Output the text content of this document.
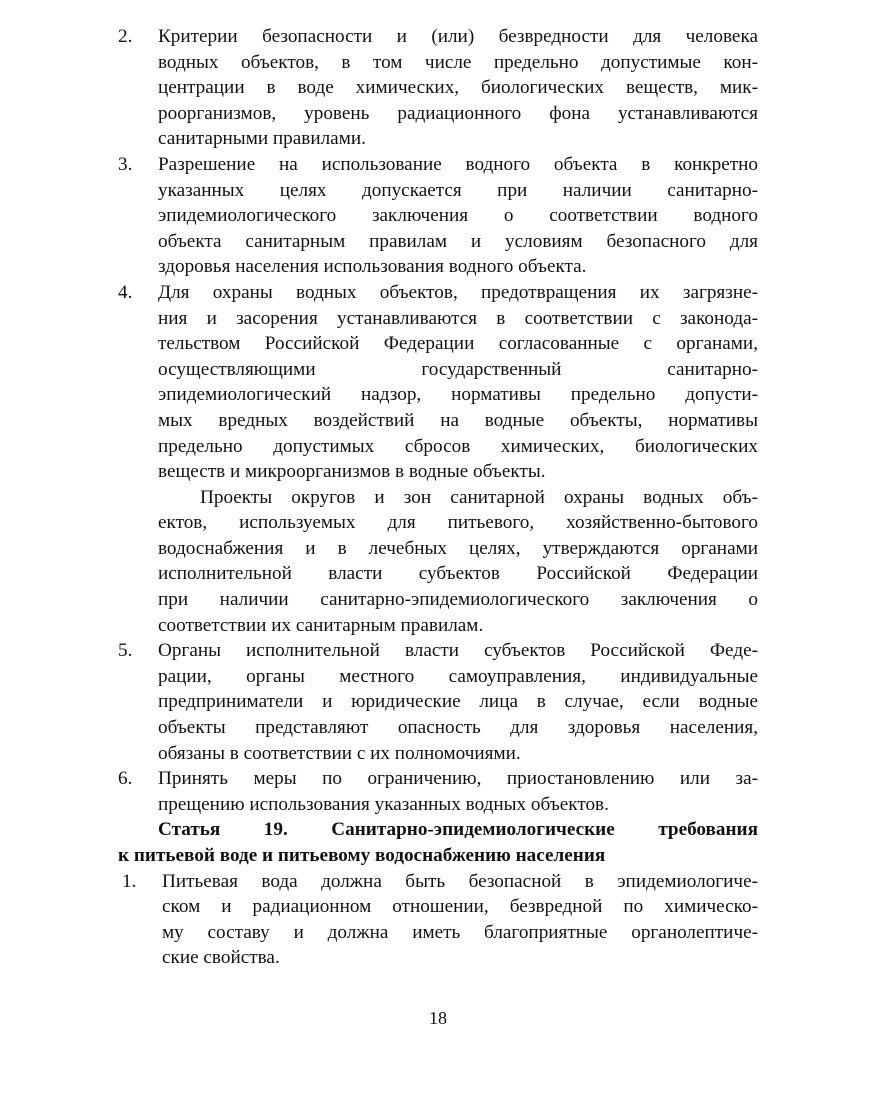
2.	Критерии безопасности и (или) безвредности для человека
водных объектов, в том числе предельно допустимые кон-
центрации в воде химических, биологических веществ, мик-
роорганизмов, уровень радиационного фона устанавливаются
санитарными правилами.
3.	Разрешение на использование водного объекта в конкретно
указанных целях допускается при наличии санитарно-
эпидемиологического заключения о соответствии водного
объекта санитарным правилам и условиям безопасного для
здоровья населения использования водного объекта.
4.	Для охраны водных объектов, предотвращения их загрязне-
ния и засорения устанавливаются в соответствии с законода-
тельством Российской Федерации согласованные с органами,
осуществляющими государственный санитарно-
эпидемиологический надзор, нормативы предельно допусти-
мых вредных воздействий на водные объекты, нормативы
предельно допустимых сбросов химических, биологических
веществ и микроорганизмов в водные объекты.
Проекты округов и зон санитарной охраны водных объ-
ектов, используемых для питьевого, хозяйственно-бытового
водоснабжения и в лечебных целях, утверждаются органами
исполнительной власти субъектов Российской Федерации
при наличии санитарно-эпидемиологического заключения о
соответствии их санитарным правилам.
5.	Органы исполнительной власти субъектов Российской Феде-
рации, органы местного самоуправления, индивидуальные
предприниматели и юридические лица в случае, если водные
объекты представляют опасность для здоровья населения,
обязаны в соответствии с их полномочиями.
6.	Принять меры по ограничению, приостановлению или за-
прещению использования указанных водных объектов.
Статья 19. Санитарно-эпидемиологические требования
к питьевой воде и питьевому водоснабжению населения
1.	Питьевая вода должна быть безопасной в эпидемиологиче-
ском и радиационном отношении, безвредной по химическо-
му составу и должна иметь благоприятные органолептиче-
ские свойства.
18
